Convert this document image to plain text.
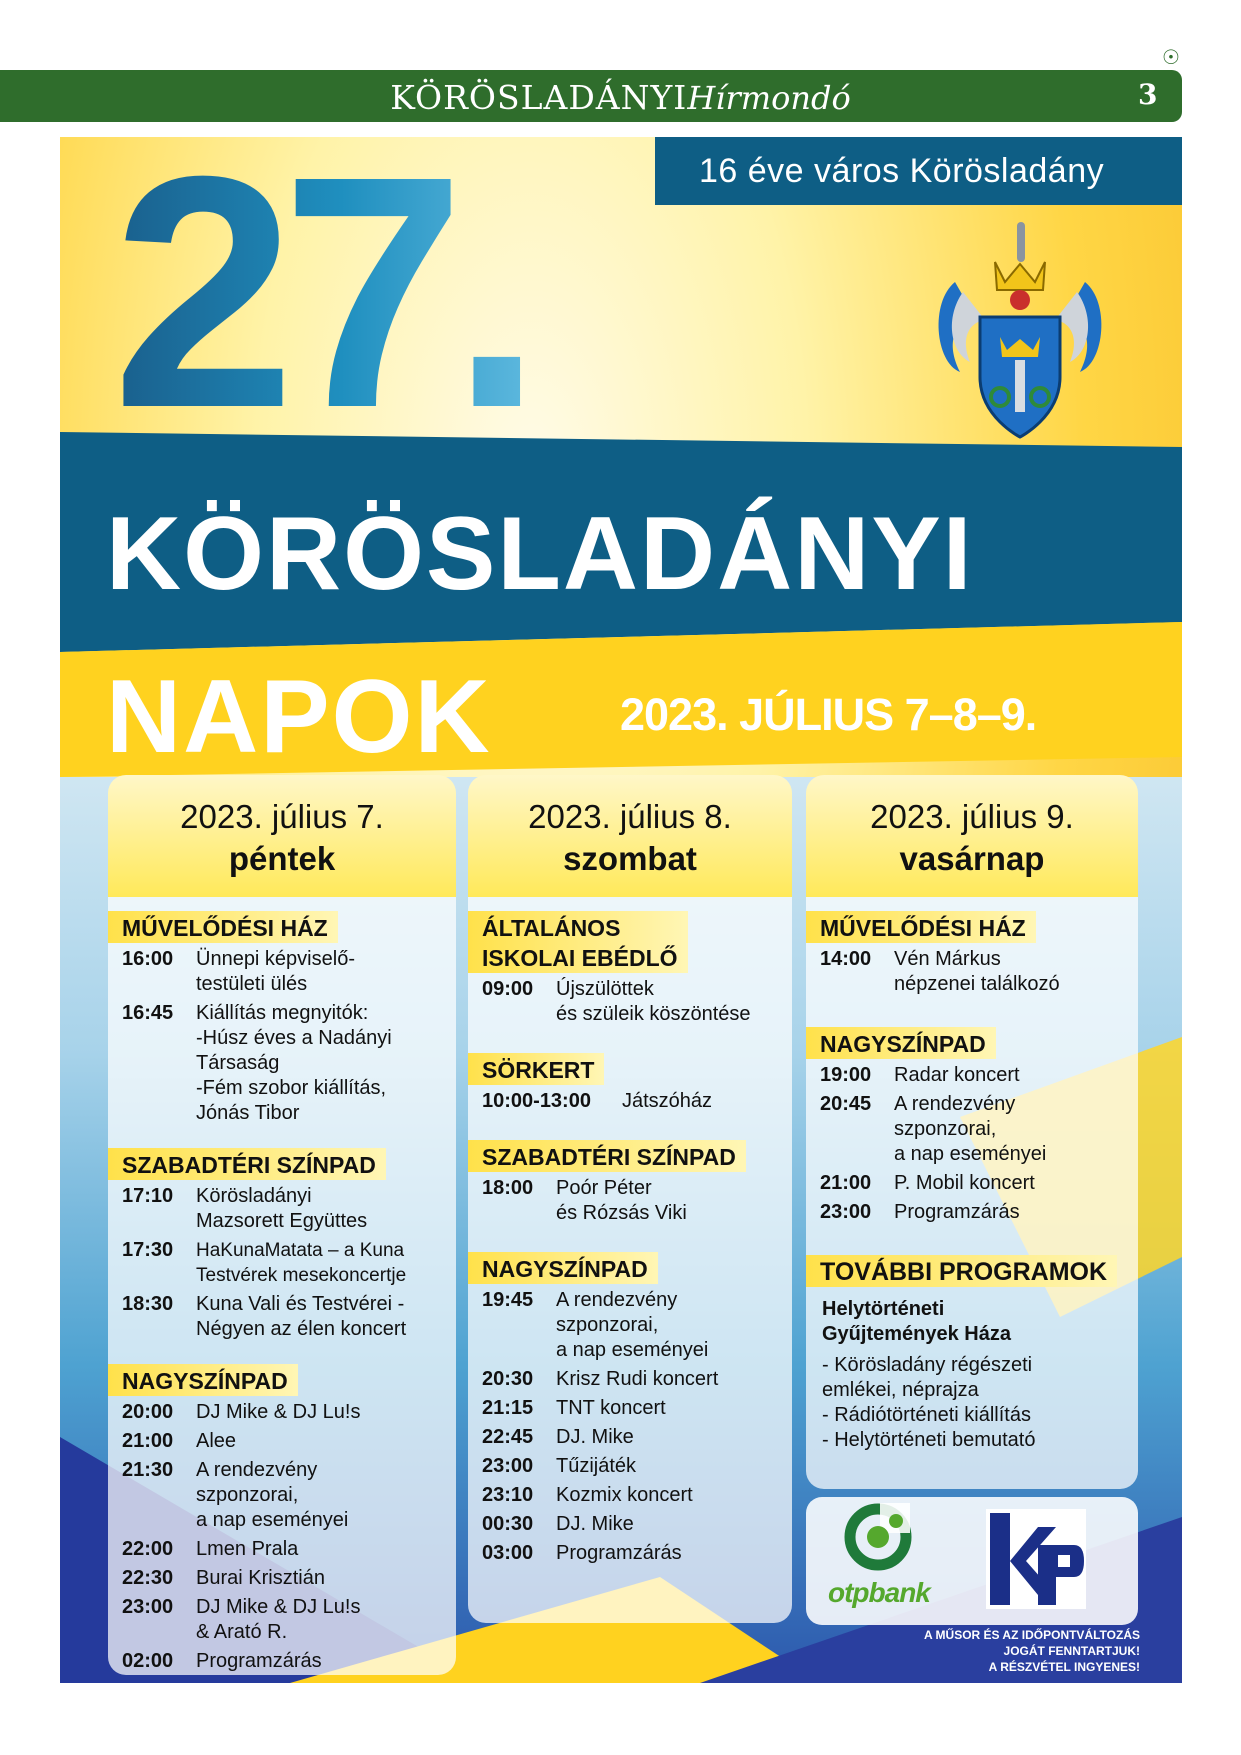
☉
KÖRÖSLADÁNYIHírmondó	3
16 éve város Körösladány
27.
KÖRÖSLADÁNYI
NAPOK	2023. JÚLIUS 7–8–9.
2023. július 7.
péntek
MŰVELŐDÉSI HÁZ
16:00	Ünnepi képviselő-
testületi ülés
16:45	Kiállítás megnyitók:
-Húsz éves a Nadányi
Társaság
-Fém szobor kiállítás,
Jónás Tibor
SZABADTÉRI SZÍNPAD
17:10	Körösladányi
Mazsorett Együttes
17:30	HaKunaMatata – a Kuna
Testvérek mesekoncertje
18:30	Kuna Vali és Testvérei -
Négyen az élen koncert
NAGYSZÍNPAD
20:00	DJ Mike & DJ Lu!s
21:00	Alee
21:30	A rendezvény
szponzorai,
a nap eseményei
22:00	Lmen Prala
22:30	Burai Krisztián
23:00	DJ Mike & DJ Lu!s
& Arató R.
02:00	Programzárás
2023. július 8.
szombat
ÁLTALÁNOS
ISKOLAI EBÉDLŐ
09:00	Újszülöttek
és szüleik köszöntése
SÖRKERT
10:00-13:00	Játszóház
SZABADTÉRI SZÍNPAD
18:00	Poór Péter
és Rózsás Viki
NAGYSZÍNPAD
19:45	A rendezvény
szponzorai,
a nap eseményei
20:30	Krisz Rudi koncert
21:15	TNT koncert
22:45	DJ. Mike
23:00	Tűzijáték
23:10	Kozmix koncert
00:30	DJ. Mike
03:00	Programzárás
2023. július 9.
vasárnap
MŰVELŐDÉSI HÁZ
14:00	Vén Márkus
népzenei találkozó
NAGYSZÍNPAD
19:00	Radar koncert
20:45	A rendezvény
szponzorai,
a nap eseményei
21:00	P. Mobil koncert
23:00	Programzárás
TOVÁBBI PROGRAMOK
Helytörténeti
Gyűjtemények Háza
- Körösladány régészeti
emlékei, néprajza
- Rádiótörténeti kiállítás
- Helytörténeti bemutató
otpbank	kp
A MŰSOR ÉS AZ IDŐPONTVÁLTOZÁS
JOGÁT FENNTARTJUK!
A RÉSZVÉTEL INGYENES!
